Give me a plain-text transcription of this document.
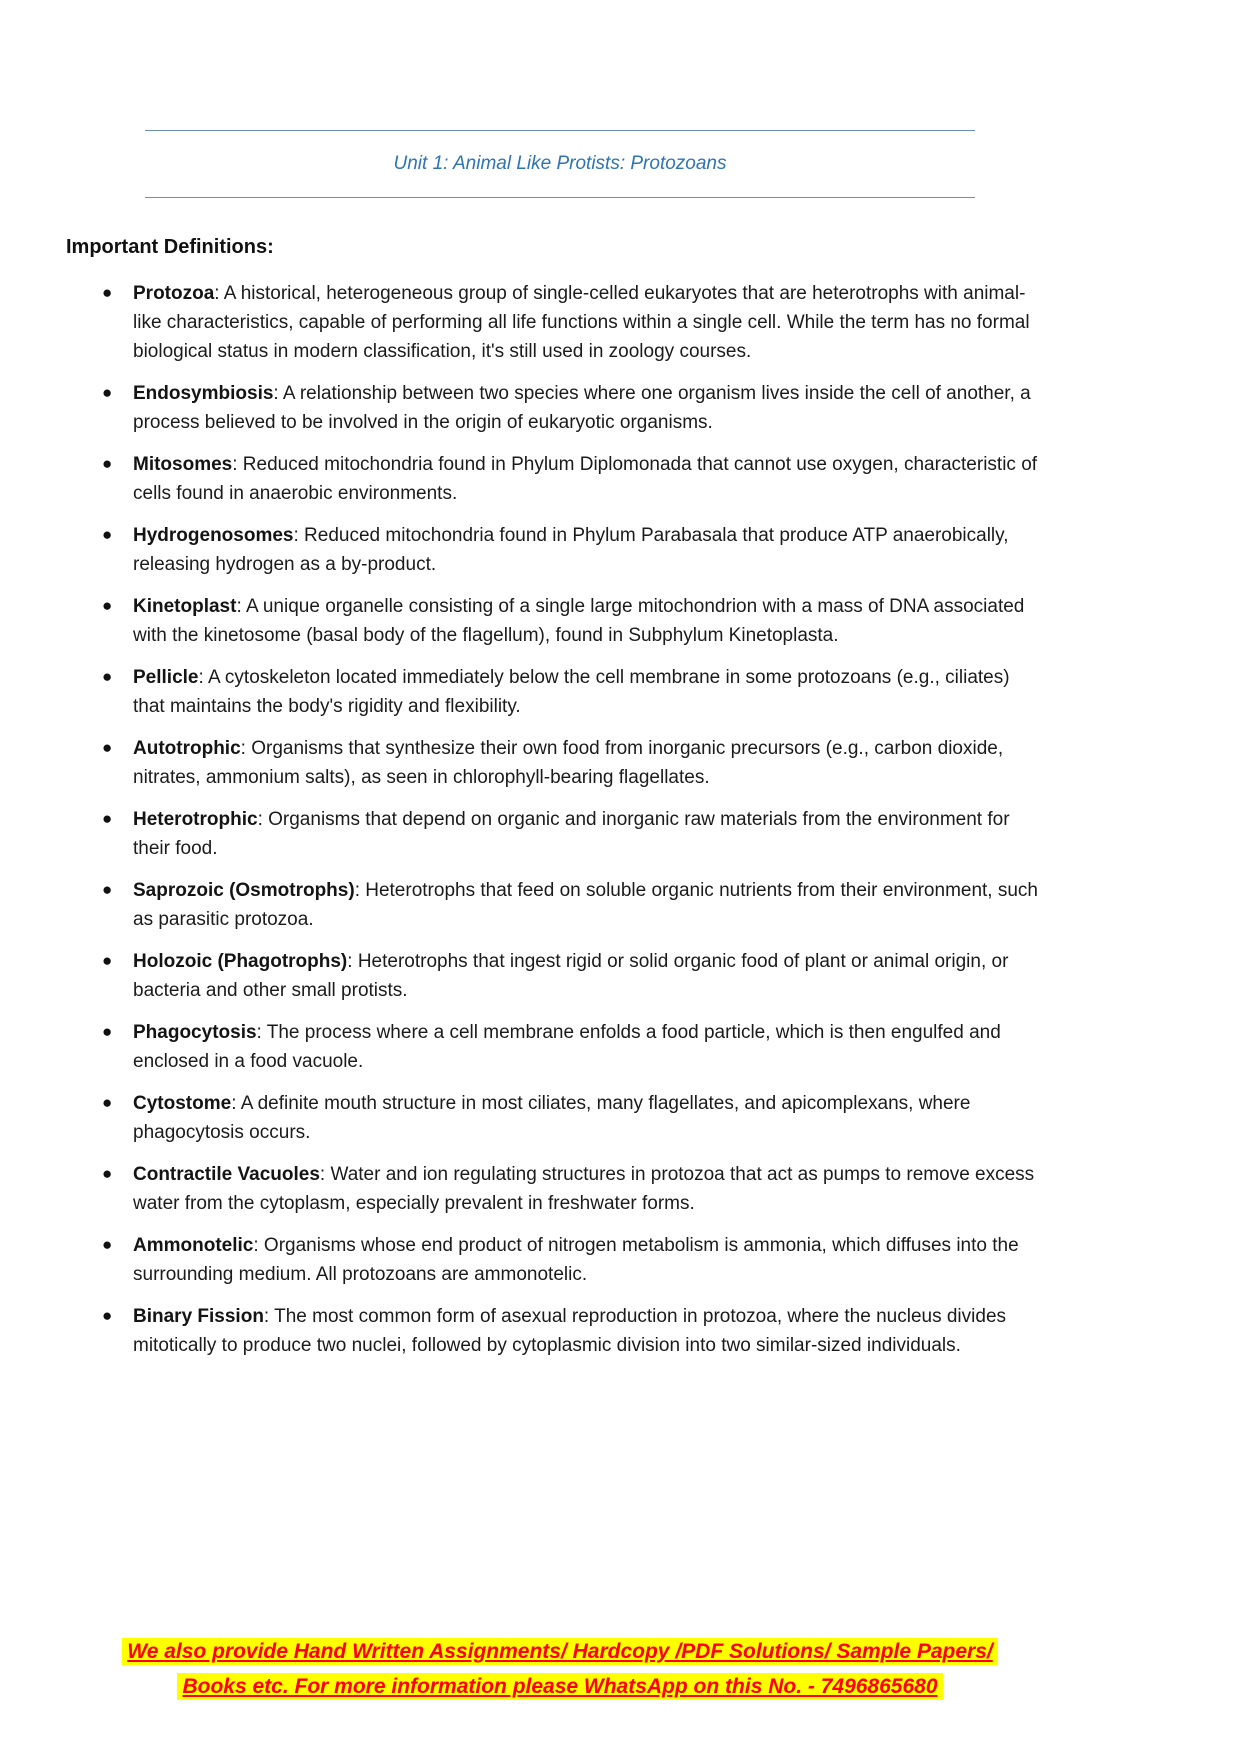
Unit 1: Animal Like Protists: Protozoans
Important Definitions:
● Protozoa: A historical, heterogeneous group of single-celled eukaryotes that are heterotrophs with animal-like characteristics, capable of performing all life functions within a single cell. While the term has no formal biological status in modern classification, it's still used in zoology courses.
● Endosymbiosis: A relationship between two species where one organism lives inside the cell of another, a process believed to be involved in the origin of eukaryotic organisms.
● Mitosomes: Reduced mitochondria found in Phylum Diplomonada that cannot use oxygen, characteristic of cells found in anaerobic environments.
● Hydrogenosomes: Reduced mitochondria found in Phylum Parabasala that produce ATP anaerobically, releasing hydrogen as a by-product.
● Kinetoplast: A unique organelle consisting of a single large mitochondrion with a mass of DNA associated with the kinetosome (basal body of the flagellum), found in Subphylum Kinetoplasta.
● Pellicle: A cytoskeleton located immediately below the cell membrane in some protozoans (e.g., ciliates) that maintains the body's rigidity and flexibility.
● Autotrophic: Organisms that synthesize their own food from inorganic precursors (e.g., carbon dioxide, nitrates, ammonium salts), as seen in chlorophyll-bearing flagellates.
● Heterotrophic: Organisms that depend on organic and inorganic raw materials from the environment for their food.
● Saprozoic (Osmotrophs): Heterotrophs that feed on soluble organic nutrients from their environment, such as parasitic protozoa.
● Holozoic (Phagotrophs): Heterotrophs that ingest rigid or solid organic food of plant or animal origin, or bacteria and other small protists.
● Phagocytosis: The process where a cell membrane enfolds a food particle, which is then engulfed and enclosed in a food vacuole.
● Cytostome: A definite mouth structure in most ciliates, many flagellates, and apicomplexans, where phagocytosis occurs.
● Contractile Vacuoles: Water and ion regulating structures in protozoa that act as pumps to remove excess water from the cytoplasm, especially prevalent in freshwater forms.
● Ammonotelic: Organisms whose end product of nitrogen metabolism is ammonia, which diffuses into the surrounding medium. All protozoans are ammonotelic.
● Binary Fission: The most common form of asexual reproduction in protozoa, where the nucleus divides mitotically to produce two nuclei, followed by cytoplasmic division into two similar-sized individuals.
We also provide Hand Written Assignments/ Hardcopy /PDF Solutions/ Sample Papers/
Books etc. For more information please WhatsApp on this No. - 7496865680
